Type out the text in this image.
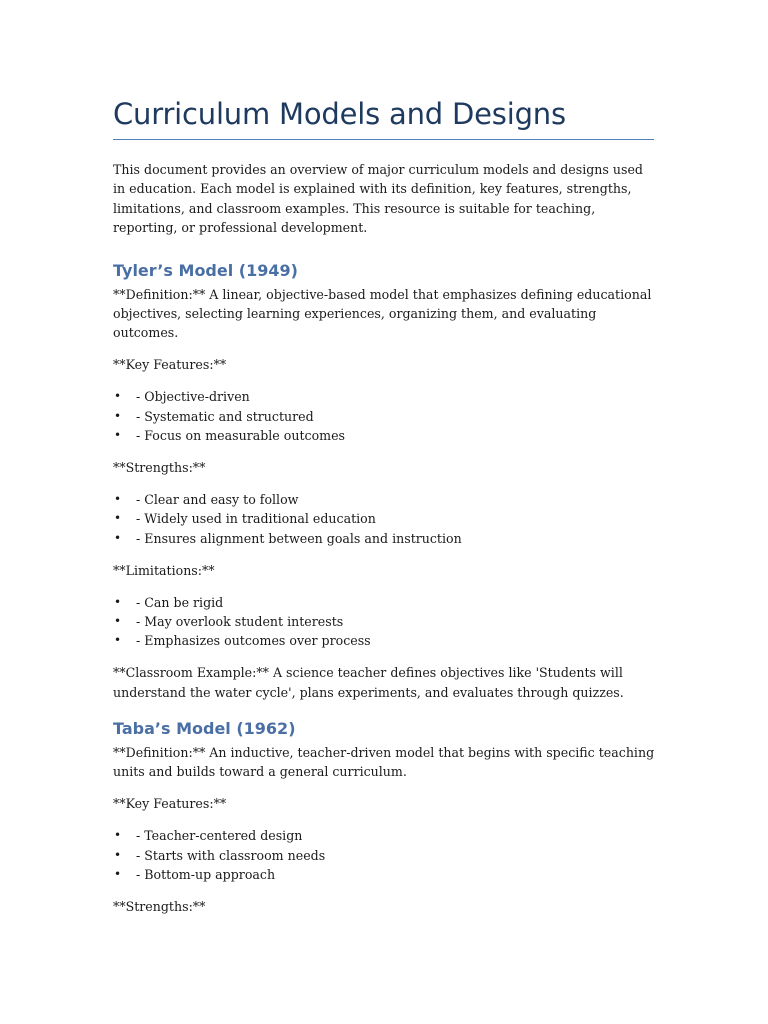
Curriculum Models and Designs

This document provides an overview of major curriculum models and designs used in education. Each model is explained with its definition, key features, strengths, limitations, and classroom examples. This resource is suitable for teaching, reporting, or professional development.

Tyler’s Model (1949)

**Definition:** A linear, objective-based model that emphasizes defining educational objectives, selecting learning experiences, organizing them, and evaluating outcomes.

**Key Features:**

• - Objective-driven
• - Systematic and structured
• - Focus on measurable outcomes

**Strengths:**

• - Clear and easy to follow
• - Widely used in traditional education
• - Ensures alignment between goals and instruction

**Limitations:**

• - Can be rigid
• - May overlook student interests
• - Emphasizes outcomes over process

**Classroom Example:** A science teacher defines objectives like 'Students will understand the water cycle', plans experiments, and evaluates through quizzes.

Taba’s Model (1962)

**Definition:** An inductive, teacher-driven model that begins with specific teaching units and builds toward a general curriculum.

**Key Features:**

• - Teacher-centered design
• - Starts with classroom needs
• - Bottom-up approach

**Strengths:**
